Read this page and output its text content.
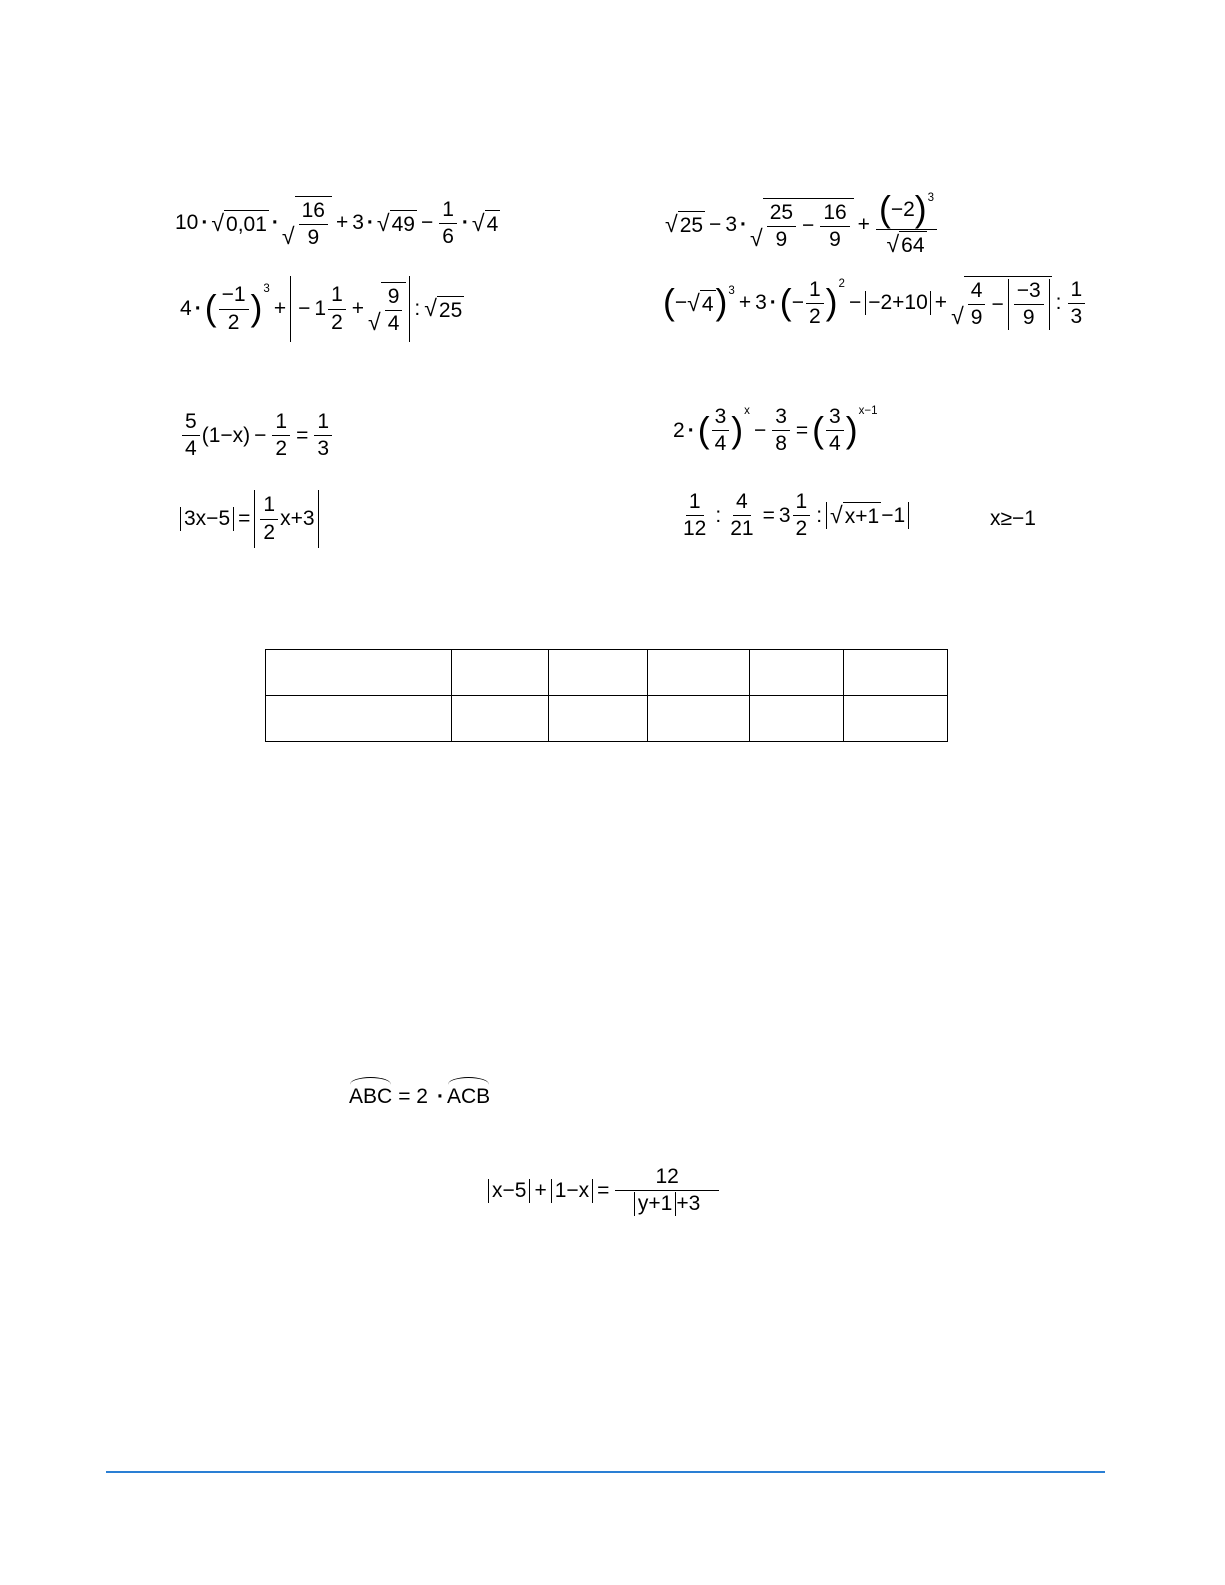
10 · √ 0,01 ·
√ $\frac{16}{9} + 3$ · √ $49 - \frac{1}{6}$ · √ 4	√ 25 − 3 ·
√ $\frac{25}{9} - \frac{16}{9} + \frac{( -2 ) 3}{√ 64}$
4 · ( $\frac{-1}{2}$ ) 3
+ − $1 \frac{1}{2}$ +
√ $\frac{9}{4}$ : √ 25	( − √ 4 ) 3 + 3 · ( − $\frac{1}{2}$ ) 2
− −2+10 +
√ $\frac{4}{9} - \frac{-3}{9}$ : $\frac{1}{3}$
$\frac{5}{4}$ ( 1−x ) − $\frac{1}{2} = \frac{1}{3}$	2 · ( $\frac{3}{4}$ ) x
− $\frac{3}{8}$ = ( $\frac{3}{4}$ ) x−1
$3x-5 = \frac{1}{2} x+3$	$\frac{1}{12}$ : $\frac{4}{21} = 3 \frac{1}{2}$ : √ x+1 −1	x≥−1

ABC = 2 · ACB
$x-5 + 1-x = \frac{12}{y+1 +3}$
